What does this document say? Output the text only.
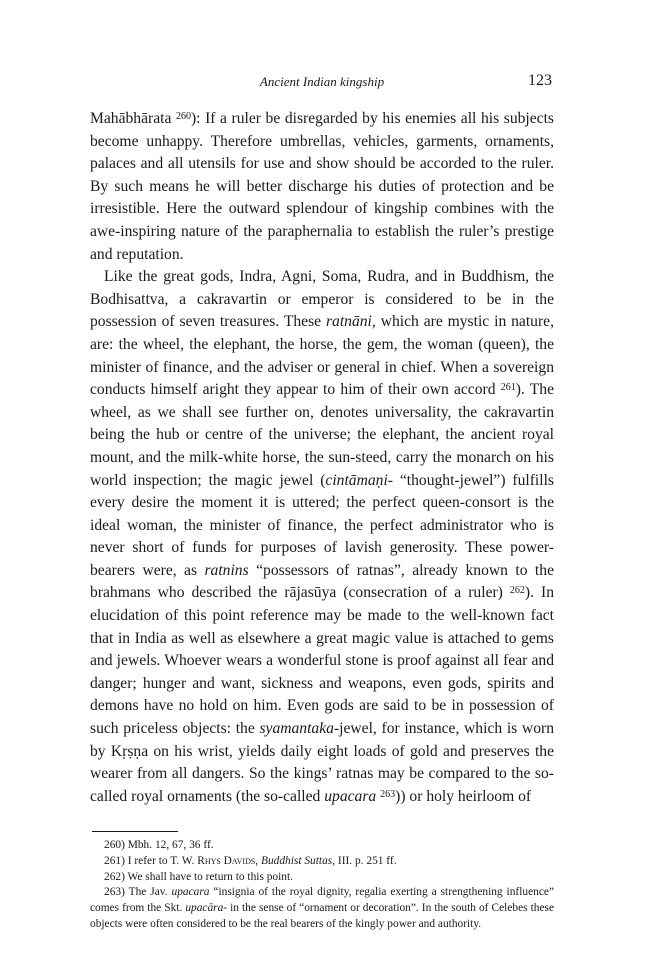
Ancient Indian kingship	123

Mahābhārata $^{260}$): If a ruler be disregarded by his enemies all his subjects become unhappy. Therefore umbrellas, vehicles, garments, ornaments, palaces and all utensils for use and show should be accorded to the ruler. By such means he will better discharge his duties of protection and be irresistible. Here the outward splendour of kingship combines with the awe-inspiring nature of the paraphernalia to establish the ruler’s prestige and reputation.

Like the great gods, Indra, Agni, Soma, Rudra, and in Buddhism, the Bodhisattva, a cakravartin or emperor is considered to be in the possession of seven treasures. These ratnāni, which are mystic in nature, are: the wheel, the elephant, the horse, the gem, the woman (queen), the minister of finance, and the adviser or general in chief. When a sovereign conducts himself aright they appear to him of their own accord $^{261}$). The wheel, as we shall see further on, denotes universality, the cakravartin being the hub or centre of the universe; the elephant, the ancient royal mount, and the milk-white horse, the sun-steed, carry the monarch on his world inspection; the magic jewel (cintāmaṇi- “thought-jewel”) fulfills every desire the moment it is uttered; the perfect queen-consort is the ideal woman, the minister of finance, the perfect administrator who is never short of funds for purposes of lavish generosity. These power-bearers were, as ratnins “possessors of ratnas”, already known to the brahmans who described the rājasūya (consecration of a ruler) $^{262}$). In elucidation of this point reference may be made to the well-known fact that in India as well as elsewhere a great magic value is attached to gems and jewels. Whoever wears a wonderful stone is proof against all fear and danger; hunger and want, sickness and weapons, even gods, spirits and demons have no hold on him. Even gods are said to be in possession of such priceless objects: the syamantaka-jewel, for instance, which is worn by Kṛṣṇa on his wrist, yields daily eight loads of gold and preserves the wearer from all dangers. So the kings’ ratnas may be compared to the so-called royal ornaments (the so-called upacara $^{263}$)) or holy heirloom of

260) Mbh. 12, 67, 36 ff.

261) I refer to T. W. Rhys Davids, Buddhist Suttas, III. p. 251 ff.

262) We shall have to return to this point.

263) The Jav. upacara “insignia of the royal dignity, regalia exerting a strengthening influence” comes from the Skt. upacāra- in the sense of “ornament or decoration”. In the south of Celebes these objects were often considered to be the real bearers of the kingly power and authority.
